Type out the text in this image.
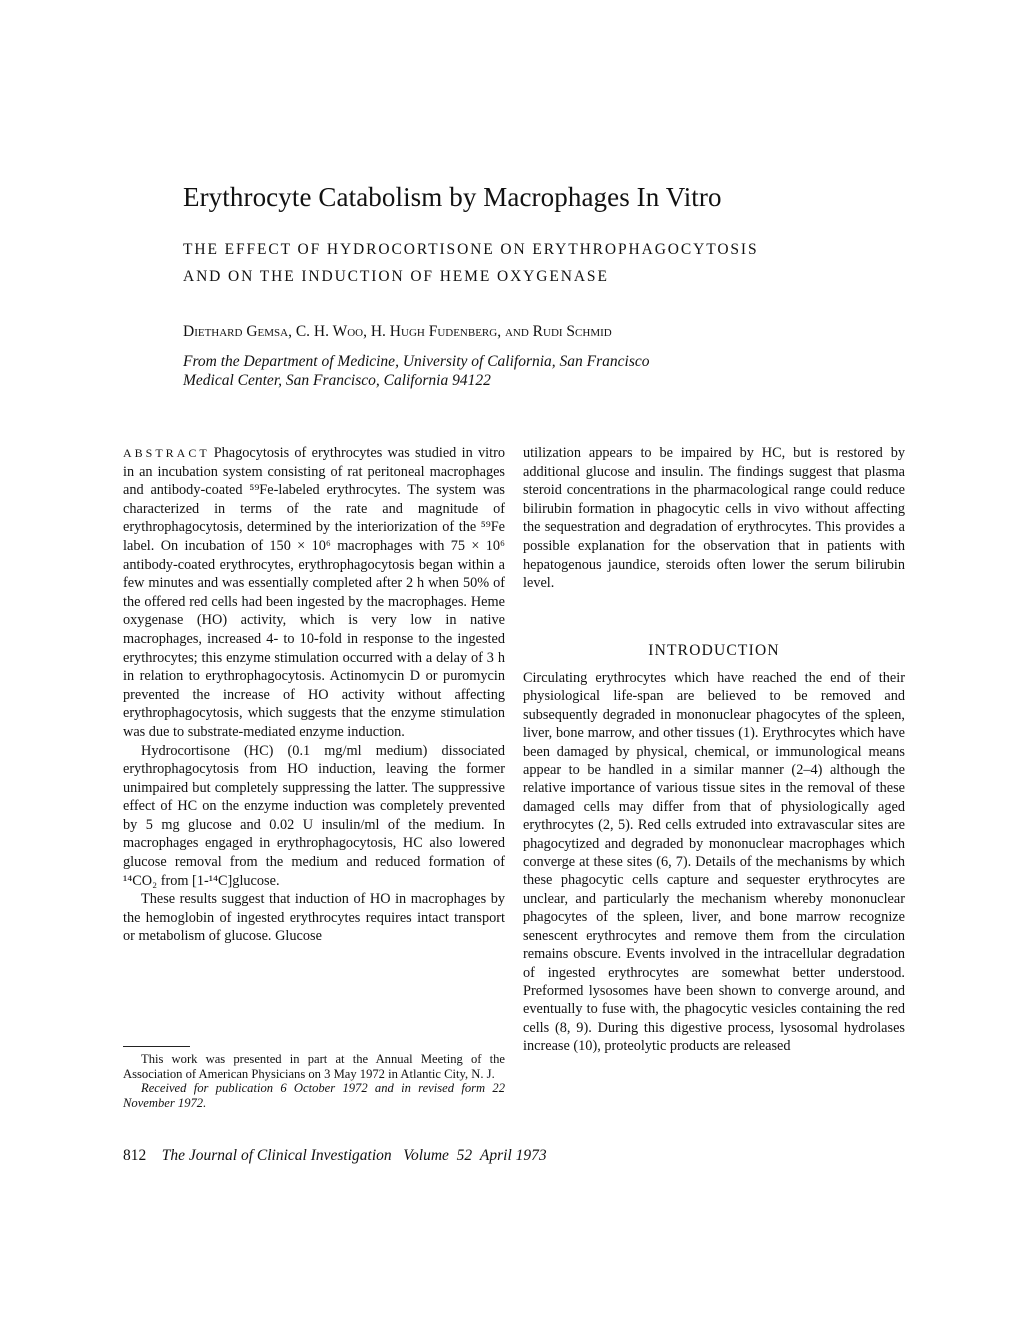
Erythrocyte Catabolism by Macrophages In Vitro
THE EFFECT OF HYDROCORTISONE ON ERYTHROPHAGOCYTOSIS
AND ON THE INDUCTION OF HEME OXYGENASE
Diethard Gemsa, C. H. Woo, H. Hugh Fudenberg, and Rudi Schmid
From the Department of Medicine, University of California, San Francisco
Medical Center, San Francisco, California 94122

ABSTRACT Phagocytosis of erythrocytes was studied in vitro in an incubation system consisting of rat peritoneal macrophages and antibody-coated ⁵⁹Fe-labeled erythrocytes. The system was characterized in terms of the rate and magnitude of erythrophagocytosis, determined by the interiorization of the ⁵⁹Fe label. On incubation of 150 × 10⁶ macrophages with 75 × 10⁶ antibody-coated erythrocytes, erythrophagocytosis began within a few minutes and was essentially completed after 2 h when 50% of the offered red cells had been ingested by the macrophages. Heme oxygenase (HO) activity, which is very low in native macrophages, increased 4- to 10-fold in response to the ingested erythrocytes; this enzyme stimulation occurred with a delay of 3 h in relation to erythrophagocytosis. Actinomycin D or puromycin prevented the increase of HO activity without affecting erythrophagocytosis, which suggests that the enzyme stimulation was due to substrate-mediated enzyme induction.

Hydrocortisone (HC) (0.1 mg/ml medium) dissociated erythrophagocytosis from HO induction, leaving the former unimpaired but completely suppressing the latter. The suppressive effect of HC on the enzyme induction was completely prevented by 5 mg glucose and 0.02 U insulin/ml of the medium. In macrophages engaged in erythrophagocytosis, HC also lowered glucose removal from the medium and reduced formation of ¹⁴CO₂ from [1-¹⁴C]glucose.

These results suggest that induction of HO in macrophages by the hemoglobin of ingested erythrocytes requires intact transport or metabolism of glucose. Glucose

utilization appears to be impaired by HC, but is restored by additional glucose and insulin. The findings suggest that plasma steroid concentrations in the pharmacological range could reduce bilirubin formation in phagocytic cells in vivo without affecting the sequestration and degradation of erythrocytes. This provides a possible explanation for the observation that in patients with hepatogenous jaundice, steroids often lower the serum bilirubin level.

INTRODUCTION

Circulating erythrocytes which have reached the end of their physiological life-span are believed to be removed and subsequently degraded in mononuclear phagocytes of the spleen, liver, bone marrow, and other tissues (1). Erythrocytes which have been damaged by physical, chemical, or immunological means appear to be handled in a similar manner (2–4) although the relative importance of various tissue sites in the removal of these damaged cells may differ from that of physiologically aged erythrocytes (2, 5). Red cells extruded into extravascular sites are phagocytized and degraded by mononuclear macrophages which converge at these sites (6, 7). Details of the mechanisms by which these phagocytic cells capture and sequester erythrocytes are unclear, and particularly the mechanism whereby mononuclear phagocytes of the spleen, liver, and bone marrow recognize senescent erythrocytes and remove them from the circulation remains obscure. Events involved in the intracellular degradation of ingested erythrocytes are somewhat better understood. Preformed lysosomes have been shown to converge around, and eventually to fuse with, the phagocytic vesicles containing the red cells (8, 9). During this digestive process, lysosomal hydrolases increase (10), proteolytic products are released

This work was presented in part at the Annual Meeting of the Association of American Physicians on 3 May 1972 in Atlantic City, N. J.

Received for publication 6 October 1972 and in revised form 22 November 1972.

812 The Journal of Clinical Investigation Volume 52 April 1973
